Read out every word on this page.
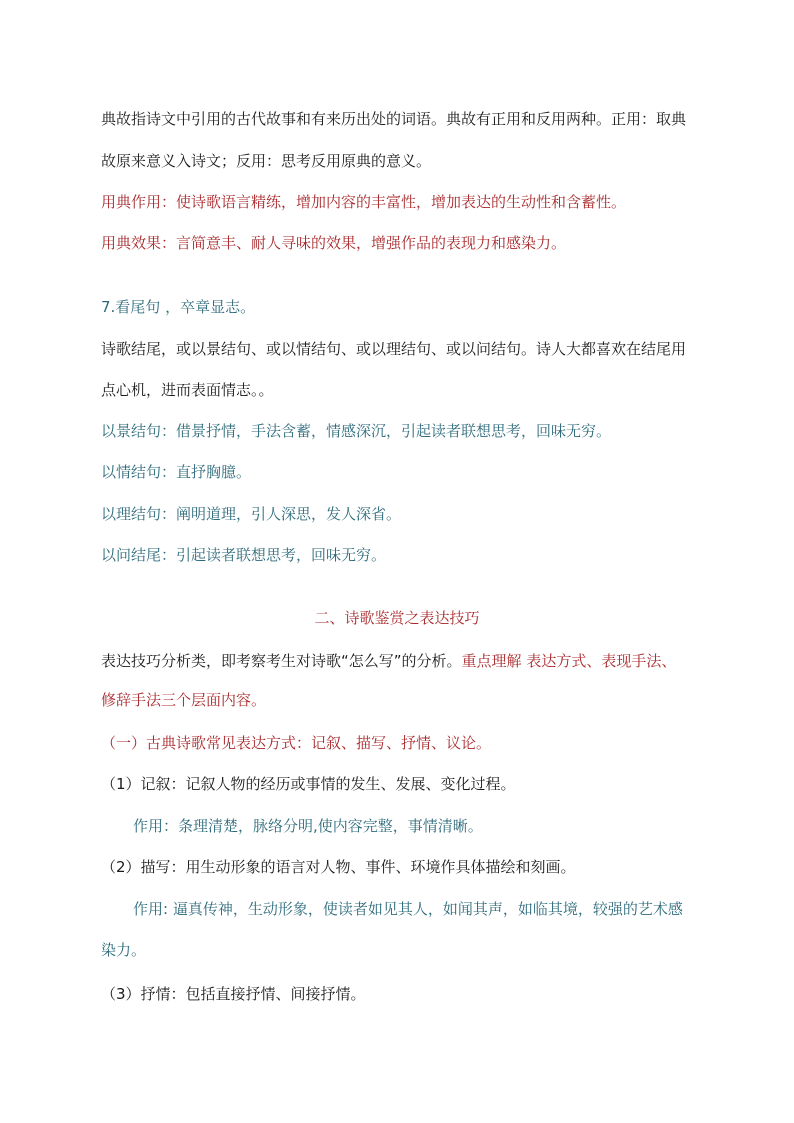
典故指诗文中引用的古代故事和有来历出处的词语。典故有正用和反用两种。正用：取典
故原来意义入诗文；反用：思考反用原典的意义。
用典作用：使诗歌语言精练，增加内容的丰富性，增加表达的生动性和含蓄性。
用典效果：言简意丰、耐人寻味的效果，增强作品的表现力和感染力。
7.看尾句 ，卒章显志。
诗歌结尾，或以景结句、或以情结句、或以理结句、或以问结句。诗人大都喜欢在结尾用
点心机，进而表面情志。。
以景结句：借景抒情，手法含蓄，情感深沉，引起读者联想思考，回味无穷。
以情结句：直抒胸臆。
以理结句：阐明道理，引人深思，发人深省。
以问结尾：引起读者联想思考，回味无穷。
二、诗歌鉴赏之表达技巧
表达技巧分析类，即考察考生对诗歌“怎么写”的分析。重点理解 表达方式、表现手法、
修辞手法三个层面内容。
（一）古典诗歌常见表达方式：记叙、描写、抒情、议论。
（1）记叙：记叙人物的经历或事情的发生、发展、变化过程。
作用：条理清楚，脉络分明,使内容完整，事情清晰。
（2）描写：用生动形象的语言对人物、事件、环境作具体描绘和刻画。
作用: 逼真传神，生动形象，使读者如见其人，如闻其声，如临其境，较强的艺术感
染力。
（3）抒情：包括直接抒情、间接抒情。
